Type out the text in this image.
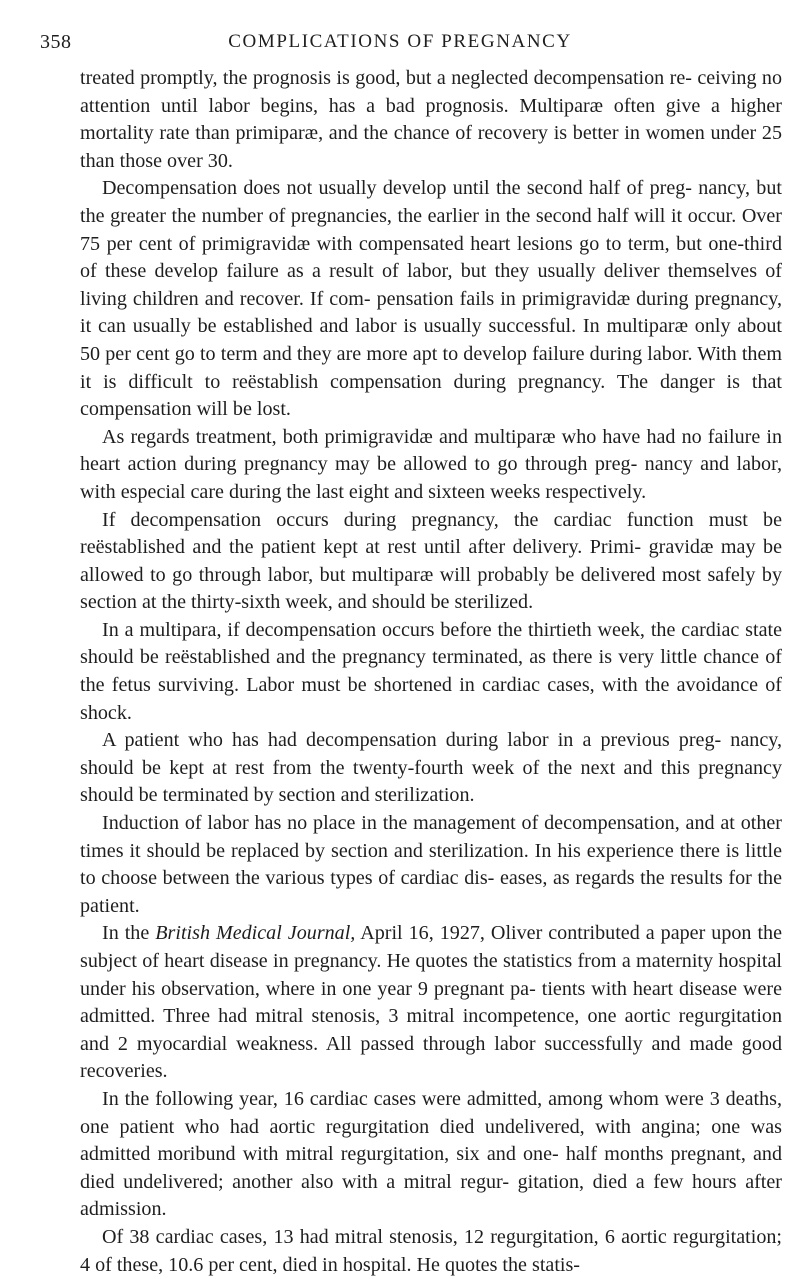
358	COMPLICATIONS OF PREGNANCY

treated promptly, the prognosis is good, but a neglected decompensation re- ceiving no attention until labor begins, has a bad prognosis. Multiparæ often give a higher mortality rate than primiparæ, and the chance of recovery is better in women under 25 than those over 30.

Decompensation does not usually develop until the second half of preg- nancy, but the greater the number of pregnancies, the earlier in the second half will it occur. Over 75 per cent of primigravidæ with compensated heart lesions go to term, but one-third of these develop failure as a result of labor, but they usually deliver themselves of living children and recover. If com- pensation fails in primigravidæ during pregnancy, it can usually be established and labor is usually successful. In multiparæ only about 50 per cent go to term and they are more apt to develop failure during labor. With them it is difficult to reëstablish compensation during pregnancy. The danger is that compensation will be lost.

As regards treatment, both primigravidæ and multiparæ who have had no failure in heart action during pregnancy may be allowed to go through preg- nancy and labor, with especial care during the last eight and sixteen weeks respectively.

If decompensation occurs during pregnancy, the cardiac function must be reëstablished and the patient kept at rest until after delivery. Primi- gravidæ may be allowed to go through labor, but multiparæ will probably be delivered most safely by section at the thirty-sixth week, and should be sterilized.

In a multipara, if decompensation occurs before the thirtieth week, the cardiac state should be reëstablished and the pregnancy terminated, as there is very little chance of the fetus surviving. Labor must be shortened in cardiac cases, with the avoidance of shock.

A patient who has had decompensation during labor in a previous preg- nancy, should be kept at rest from the twenty-fourth week of the next and this pregnancy should be terminated by section and sterilization.

Induction of labor has no place in the management of decompensation, and at other times it should be replaced by section and sterilization. In his experience there is little to choose between the various types of cardiac dis- eases, as regards the results for the patient.

In the British Medical Journal, April 16, 1927, Oliver contributed a paper upon the subject of heart disease in pregnancy. He quotes the statistics from a maternity hospital under his observation, where in one year 9 pregnant pa- tients with heart disease were admitted. Three had mitral stenosis, 3 mitral incompetence, one aortic regurgitation and 2 myocardial weakness. All passed through labor successfully and made good recoveries.

In the following year, 16 cardiac cases were admitted, among whom were 3 deaths, one patient who had aortic regurgitation died undelivered, with angina; one was admitted moribund with mitral regurgitation, six and one- half months pregnant, and died undelivered; another also with a mitral regur- gitation, died a few hours after admission.

Of 38 cardiac cases, 13 had mitral stenosis, 12 regurgitation, 6 aortic regurgitation; 4 of these, 10.6 per cent, died in hospital. He quotes the statis-
